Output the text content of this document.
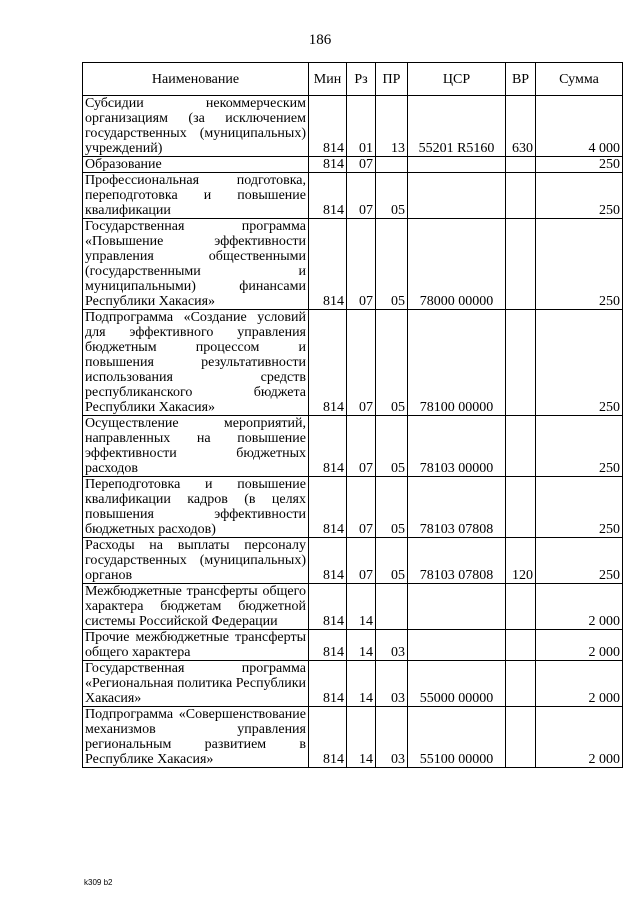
186
Наименование	Мин	Рз	ПР	ЦСР	ВР	Сумма
Субсидии некоммерческим организациям (за исключением государственных (муниципальных) учреждений)	814	01	13	55201 R5160	630	4 000
Образование	814	07				250
Профессиональная подготовка, переподготовка и повышение квалификации	814	07	05			250
Государственная программа «Повышение эффективности управления общественными (государственными и муниципальными) финансами Республики Хакасия»	814	07	05	78000 00000		250
Подпрограмма «Создание условий для эффективного управления бюджетным процессом и повышения результативности использования средств республиканского бюджета Республики Хакасия»	814	07	05	78100 00000		250
Осуществление мероприятий, направленных на повышение эффективности бюджетных расходов	814	07	05	78103 00000		250
Переподготовка и повышение квалификации кадров (в целях повышения эффективности бюджетных расходов)	814	07	05	78103 07808		250
Расходы на выплаты персоналу государственных (муниципальных) органов	814	07	05	78103 07808	120	250
Межбюджетные трансферты общего характера бюджетам бюджетной системы Российской Федерации	814	14				2 000
Прочие межбюджетные трансферты общего характера	814	14	03			2 000
Государственная программа «Региональная политика Республики Хакасия»	814	14	03	55000 00000		2 000
Подпрограмма «Совершенствование механизмов управления региональным развитием в Республике Хакасия»	814	14	03	55100 00000		2 000
k309 b2
